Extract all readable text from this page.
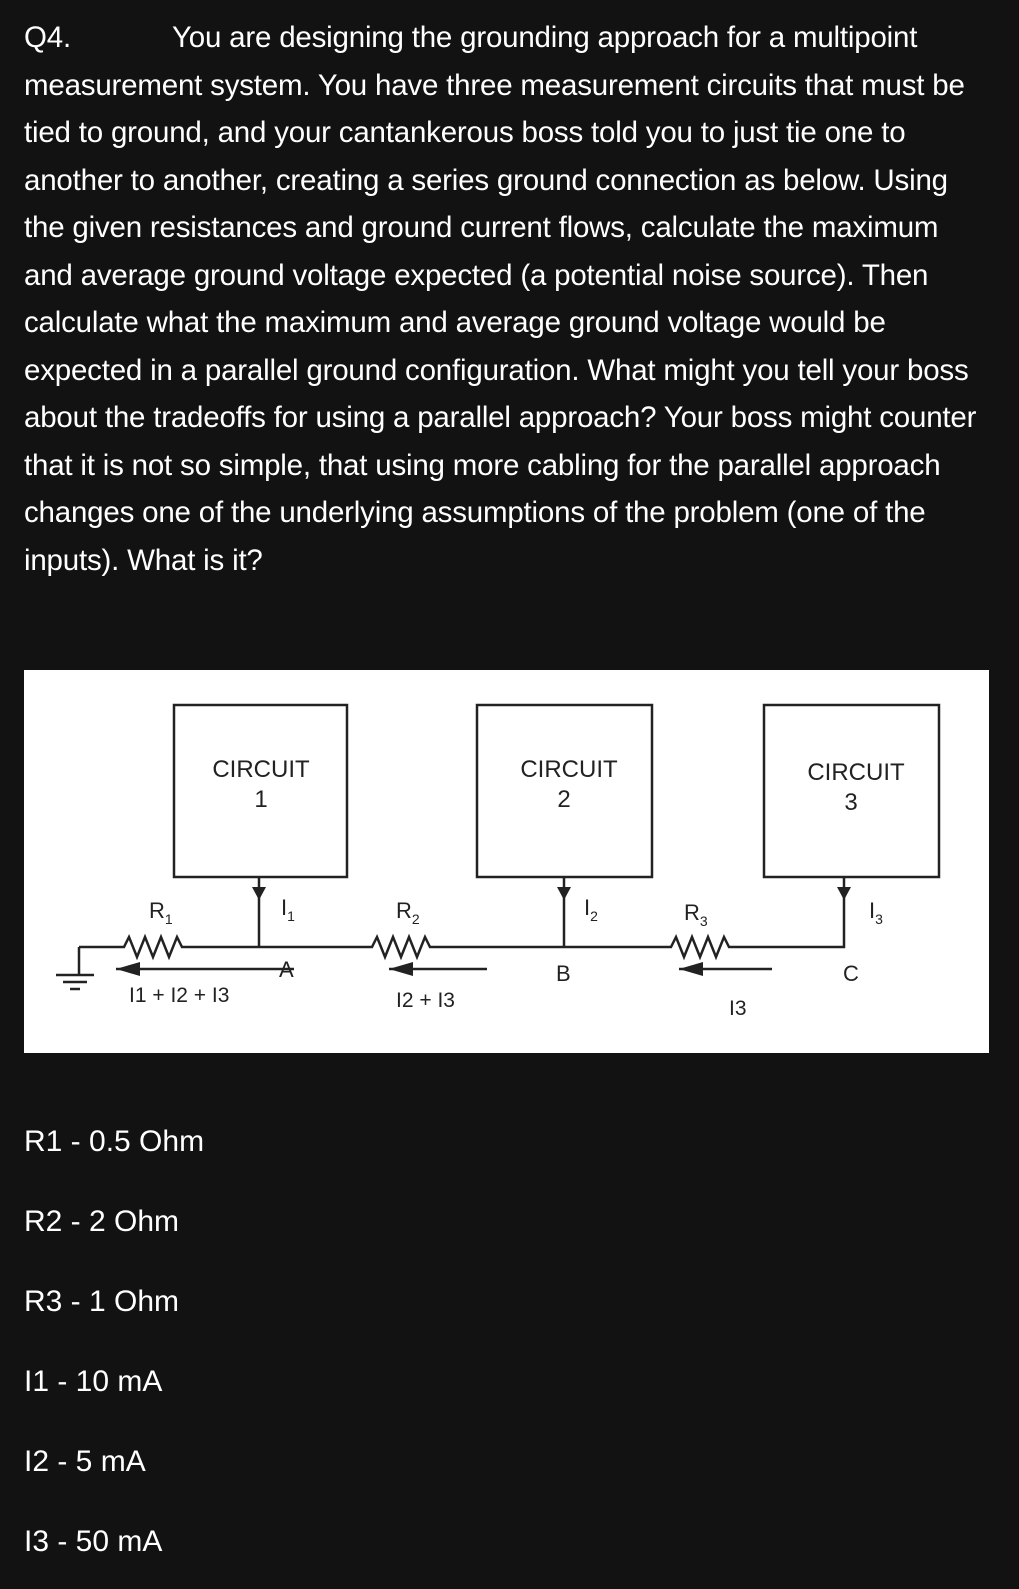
Q4.	You are designing the grounding approach for a multipoint measurement system. You have three measurement circuits that must be tied to ground, and your cantankerous boss told you to just tie one to another to another, creating a series ground connection as below. Using the given resistances and ground current flows, calculate the maximum and average ground voltage expected (a potential noise source). Then calculate what the maximum and average ground voltage would be expected in a parallel ground configuration. What might you tell your boss about the tradeoffs for using a parallel approach? Your boss might counter that it is not so simple, that using more cabling for the parallel approach changes one of the underlying assumptions of the problem (one of the inputs). What is it?
CIRCUIT
1
CIRCUIT
2
CIRCUIT
3
$R_1$	$R_2$	$R_3$
$I_1$	$I_2$	$I_3$
A	B	C
I1 + I2 + I3	I2 + I3	I3
R1 - 0.5 Ohm
R2 - 2 Ohm
R3 - 1 Ohm
I1 - 10 mA
I2 - 5 mA
I3 - 50 mA
